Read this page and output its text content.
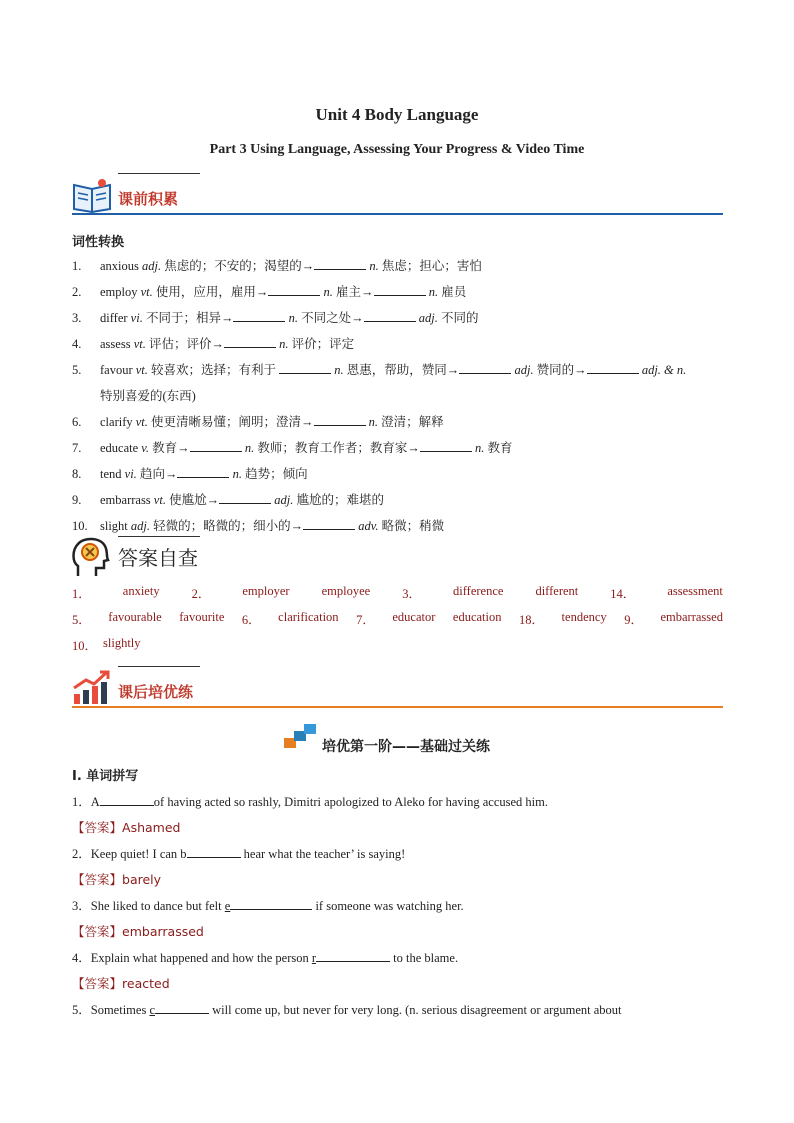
Unit 4 Body Language
Part 3 Using Language, Assessing Your Progress & Video Time
课前积累
词性转换
1. anxious adj. 焦虑的；不安的；渴望的→	n. 焦虑；担心；害怕
2. employ vt. 使用，应用，雇用→	n. 雇主→	n. 雇员
3. differ vi. 不同于；相异→	n. 不同之处→	adj. 不同的
4. assess vt. 评估；评价→	n. 评价；评定
5. favour vt. 较喜欢；选择；有利于	n. 恩惠，帮助，赞同→	adj. 赞同的→	adj. & n.
特别喜爱的(东西)
6. clarify vt. 使更清晰易懂；阐明；澄清→	n. 澄清；解释
7. educate v. 教育→	n. 教师；教育工作者；教育家→	n. 教育
8. tend vi. 趋向→	n. 趋势；倾向
9. embarrass vt. 使尴尬→	adj. 尴尬的；难堪的
10. slight adj. 轻微的；略微的；细小的→	adv. 略微；稍微
答案自查
1．	anxiety	2．	employer	employee	3．	difference	different	14．	assessment
5． favourable favourite 6． clarification 7． educator education 18． tendency 9． embarrassed
10． slightly
课后培优练
培优第一阶——基础过关练
I. 单词拼写
1．A	of having acted so rashly, Dimitri apologized to Aleko for having accused him.
【答案】Ashamed
2．Keep quiet! I can b	hear what the teacher’ is saying!
【答案】barely
3．She liked to dance but felt e	if someone was watching her.
【答案】embarrassed
4．Explain what happened and how the person r	to the blame.
【答案】reacted
5．Sometimes c	will come up, but never for very long. (n. serious disagreement or argument about
